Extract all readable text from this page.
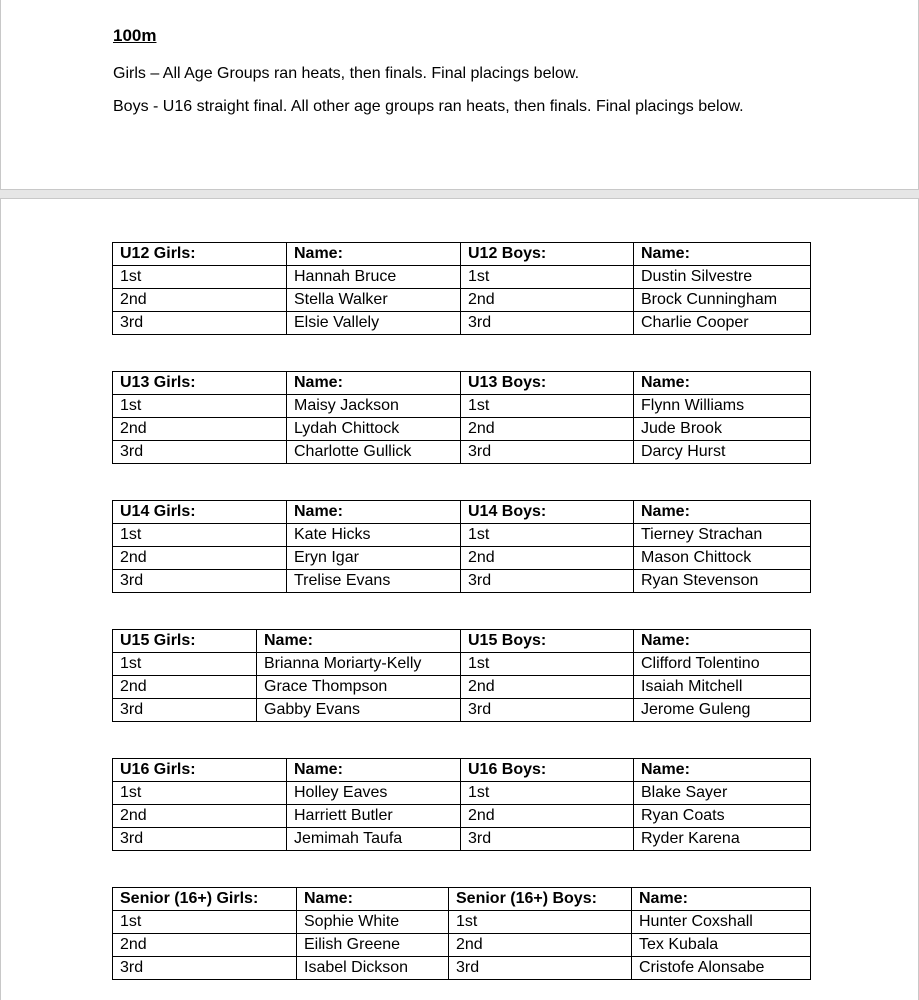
100m
Girls – All Age Groups ran heats, then finals. Final placings below.
Boys - U16 straight final. All other age groups ran heats, then finals. Final placings below.
U12 Girls:	Name:	U12 Boys:	Name:
1st	Hannah Bruce	1st	Dustin Silvestre
2nd	Stella Walker	2nd	Brock Cunningham
3rd	Elsie Vallely	3rd	Charlie Cooper
U13 Girls:	Name:	U13 Boys:	Name:
1st	Maisy Jackson	1st	Flynn Williams
2nd	Lydah Chittock	2nd	Jude Brook
3rd	Charlotte Gullick	3rd	Darcy Hurst
U14 Girls:	Name:	U14 Boys:	Name:
1st	Kate Hicks	1st	Tierney Strachan
2nd	Eryn Igar	2nd	Mason Chittock
3rd	Trelise Evans	3rd	Ryan Stevenson
U15 Girls:	Name:	U15 Boys:	Name:
1st	Brianna Moriarty-Kelly	1st	Clifford Tolentino
2nd	Grace Thompson	2nd	Isaiah Mitchell
3rd	Gabby Evans	3rd	Jerome Guleng
U16 Girls:	Name:	U16 Boys:	Name:
1st	Holley Eaves	1st	Blake Sayer
2nd	Harriett Butler	2nd	Ryan Coats
3rd	Jemimah Taufa	3rd	Ryder Karena
Senior (16+) Girls:	Name:	Senior (16+) Boys:	Name:
1st	Sophie White	1st	Hunter Coxshall
2nd	Eilish Greene	2nd	Tex Kubala
3rd	Isabel Dickson	3rd	Cristofe Alonsabe
